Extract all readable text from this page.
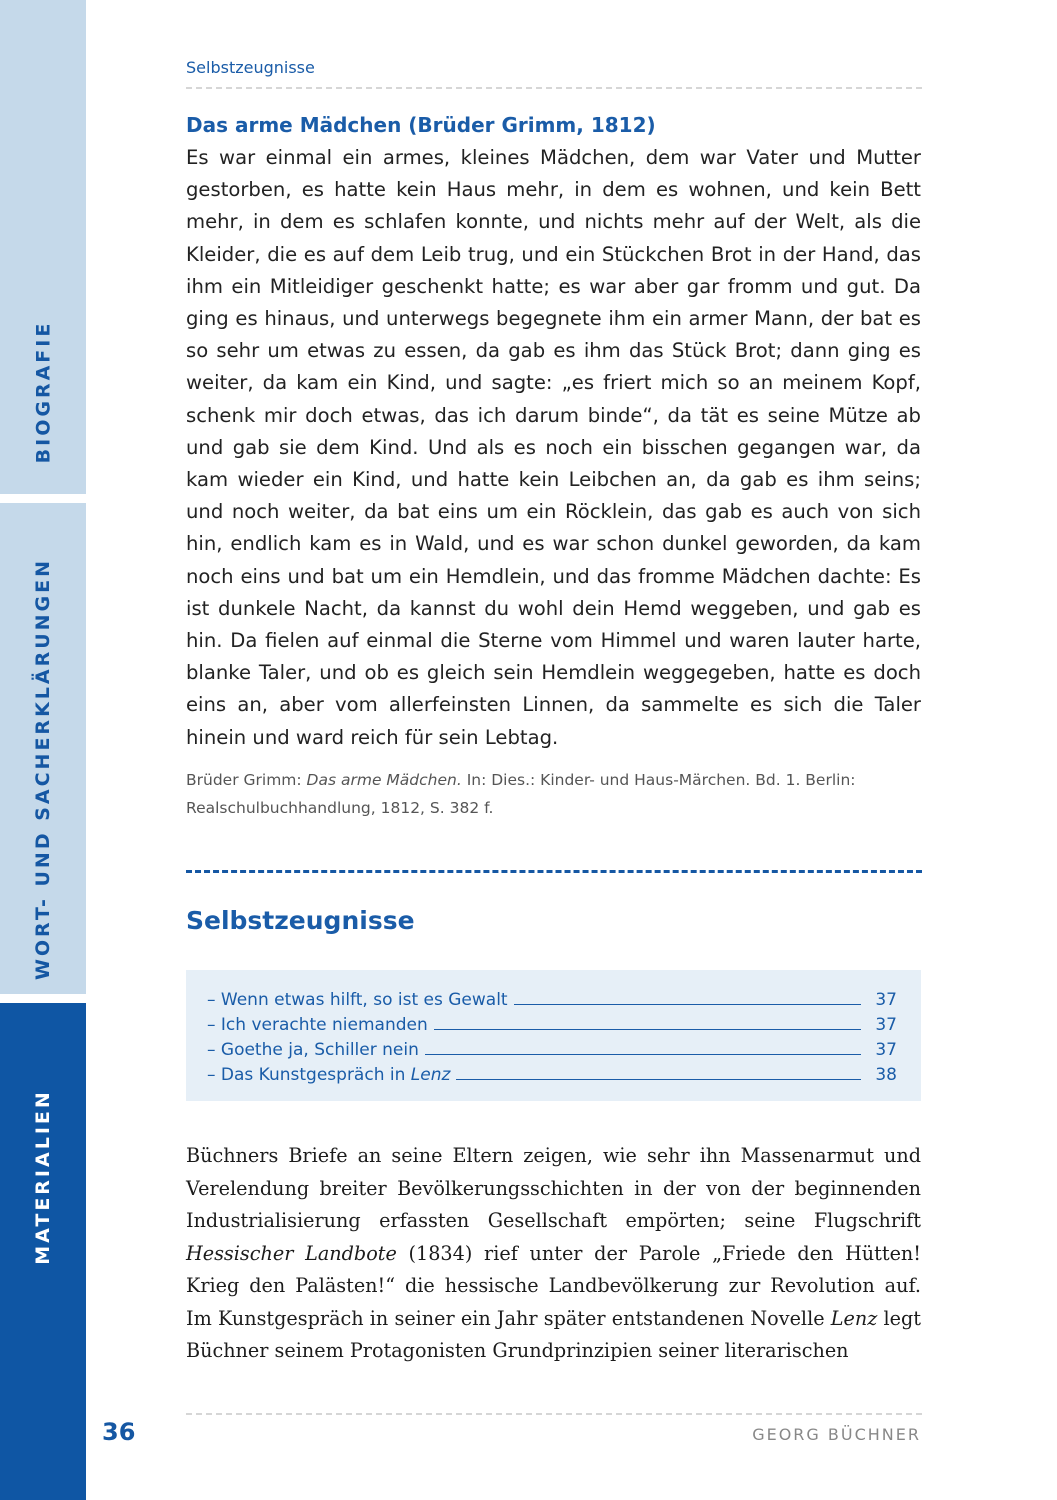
BIOGRAFIE
WORT- UND SACHERKLÄRUNGEN
MATERIALIEN
Selbstzeugnisse
Das arme Mädchen (Brüder Grimm, 1812)

Es war einmal ein armes, kleines Mädchen, dem war Vater und Mutter gestorben, es hatte kein Haus mehr, in dem es wohnen, und kein Bett mehr, in dem es schlafen konnte, und nichts mehr auf der Welt, als die Kleider, die es auf dem Leib trug, und ein Stückchen Brot in der Hand, das ihm ein Mitleidiger geschenkt hatte; es war aber gar fromm und gut. Da ging es hinaus, und unterwegs begegnete ihm ein armer Mann, der bat es so sehr um etwas zu essen, da gab es ihm das Stück Brot; dann ging es weiter, da kam ein Kind, und sagte: „es friert mich so an meinem Kopf, schenk mir doch etwas, das ich darum binde“, da tät es seine Mütze ab und gab sie dem Kind. Und als es noch ein bisschen gegangen war, da kam wieder ein Kind, und hatte kein Leibchen an, da gab es ihm seins; und noch weiter, da bat eins um ein Röcklein, das gab es auch von sich hin, endlich kam es in Wald, und es war schon dunkel geworden, da kam noch eins und bat um ein Hemdlein, und das fromme Mädchen dachte: Es ist dunkele Nacht, da kannst du wohl dein Hemd weggeben, und gab es hin. Da fielen auf einmal die Sterne vom Himmel und waren lauter harte, blanke Taler, und ob es gleich sein Hemdlein weggegeben, hatte es doch eins an, aber vom allerfeinsten Linnen, da sammelte es sich die Taler hinein und ward reich für sein Lebtag.

Brüder Grimm: Das arme Mädchen. In: Dies.: Kinder- und Haus-Märchen. Bd. 1. Berlin: Realschulbuchhandlung, 1812, S. 382 f.
Selbstzeugnisse
– Wenn etwas hilft, so ist es Gewalt	37
– Ich verachte niemanden	37
– Goethe ja, Schiller nein	37
– Das Kunstgespräch in Lenz	38

Büchners Briefe an seine Eltern zeigen, wie sehr ihn Massenarmut und Verelendung breiter Bevölkerungsschichten in der von der beginnenden Industrialisierung erfassten Gesellschaft empörten; seine Flugschrift Hessischer Landbote (1834) rief unter der Parole „Friede den Hütten! Krieg den Palästen!“ die hessische Landbevölkerung zur Revolution auf. Im Kunstgespräch in seiner ein Jahr später entstandenen Novelle Lenz legt Büchner seinem Protagonisten Grundprinzipien seiner literarischen

36	GEORG BÜCHNER
